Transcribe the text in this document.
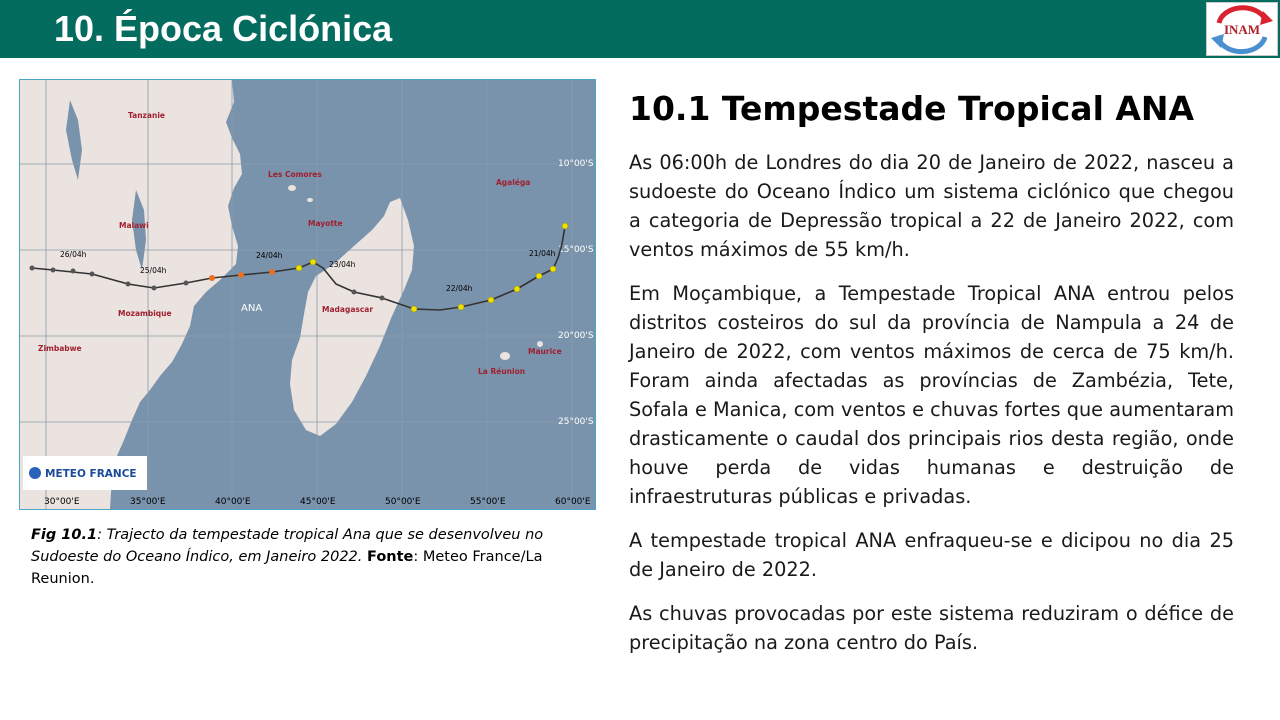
10. Época Ciclónica	INAM
10°00'S
15°00'S
20°00'S
25°00'S
30°00'E	35°00'E	40°00'E	45°00'E	50°00'E	55°00'E	60°00'E
Tanzanie
Les Comores
Agaléga
Malawi	Mayotte
Mozambique	Madagascar
Zimbabwe	Maurice
La Réunion
26/04h
25/04h
24/04h
23/04h
22/04h
21/04h
ANA
METEO FRANCE
Fig 10.1: Trajecto da tempestade tropical Ana que se desenvolveu no Sudoeste do Oceano Índico, em Janeiro 2022. Fonte: Meteo France/La Reunion.
10.1 Tempestade Tropical ANA

As 06:00h de Londres do dia 20 de Janeiro de 2022, nasceu a sudoeste do Oceano Índico um sistema ciclónico que chegou a categoria de Depressão tropical a 22 de Janeiro 2022, com ventos máximos de 55 km/h.

Em Moçambique, a Tempestade Tropical ANA entrou pelos distritos costeiros do sul da província de Nampula a 24 de Janeiro de 2022, com ventos máximos de cerca de 75 km/h. Foram ainda afectadas as províncias de Zambézia, Tete, Sofala e Manica, com ventos e chuvas fortes que aumentaram drasticamente o caudal dos principais rios desta região, onde houve perda de vidas humanas e destruição de infraestruturas públicas e privadas.

A tempestade tropical ANA enfraqueu-se e dicipou no dia 25 de Janeiro de 2022.

As chuvas provocadas por este sistema reduziram o défice de precipitação na zona centro do País.
